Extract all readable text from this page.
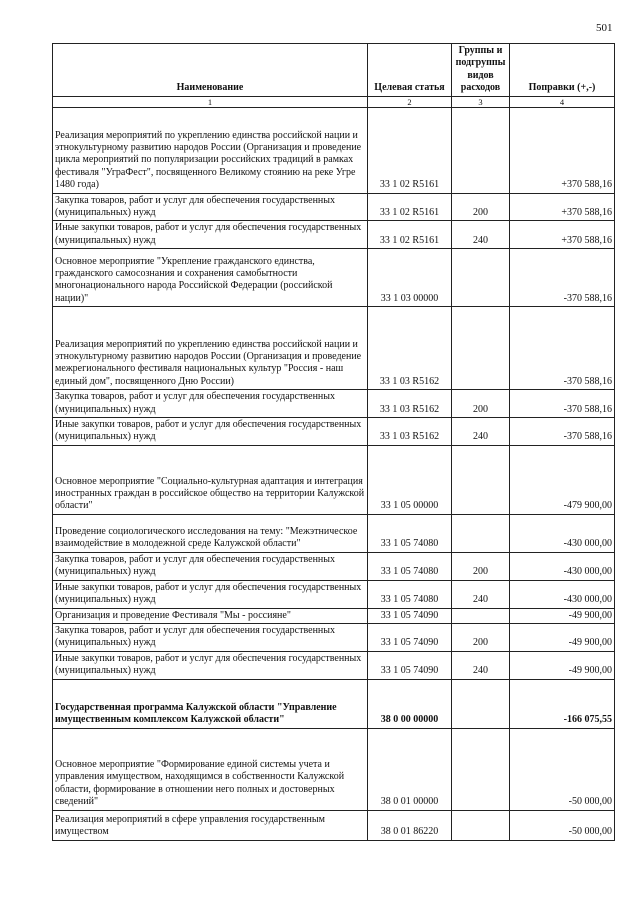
501
Наименование	Целевая статья	Группы и подгруппы видов расходов	Поправки (+,-)
1	2	3	4
Реализация мероприятий по укреплению единства российской нации и этнокультурному развитию народов России (Организация и проведение цикла мероприятий по популяризации российских традиций в рамках фестиваля "УграФест", посвященного Великому стоянию на реке Угре 1480 года)	33 1 02 R5161		+370 588,16
Закупка товаров, работ и услуг для обеспечения государственных (муниципальных) нужд	33 1 02 R5161	200	+370 588,16
Иные закупки товаров, работ и услуг для обеспечения государственных (муниципальных) нужд	33 1 02 R5161	240	+370 588,16
Основное мероприятие "Укрепление гражданского единства, гражданского самосознания и сохранения самобытности многонационального народа Российской Федерации (российской нации)"	33 1 03 00000		-370 588,16
Реализация мероприятий по укреплению единства российской нации и этнокультурному развитию народов России (Организация и проведение межрегионального фестиваля национальных культур "Россия - наш единый дом", посвященного Дню России)	33 1 03 R5162		-370 588,16
Закупка товаров, работ и услуг для обеспечения государственных (муниципальных) нужд	33 1 03 R5162	200	-370 588,16
Иные закупки товаров, работ и услуг для обеспечения государственных (муниципальных) нужд	33 1 03 R5162	240	-370 588,16
Основное мероприятие "Социально-культурная адаптация и интеграция иностранных граждан в российское общество на территории Калужской области"	33 1 05 00000		-479 900,00
Проведение социологического исследования на тему: "Межэтническое взаимодействие в молодежной среде Калужской области"	33 1 05 74080		-430 000,00
Закупка товаров, работ и услуг для обеспечения государственных (муниципальных) нужд	33 1 05 74080	200	-430 000,00
Иные закупки товаров, работ и услуг для обеспечения государственных (муниципальных) нужд	33 1 05 74080	240	-430 000,00
Организация и проведение Фестиваля "Мы - россияне"	33 1 05 74090		-49 900,00
Закупка товаров, работ и услуг для обеспечения государственных (муниципальных) нужд	33 1 05 74090	200	-49 900,00
Иные закупки товаров, работ и услуг для обеспечения государственных (муниципальных) нужд	33 1 05 74090	240	-49 900,00
Государственная программа Калужской области "Управление имущественным комплексом Калужской области"	38 0 00 00000		-166 075,55
Основное мероприятие "Формирование единой системы учета и управления имуществом, находящимся в собственности Калужской области, формирование в отношении него полных и достоверных сведений"	38 0 01 00000		-50 000,00
Реализация мероприятий в сфере управления государственным имуществом	38 0 01 86220		-50 000,00
